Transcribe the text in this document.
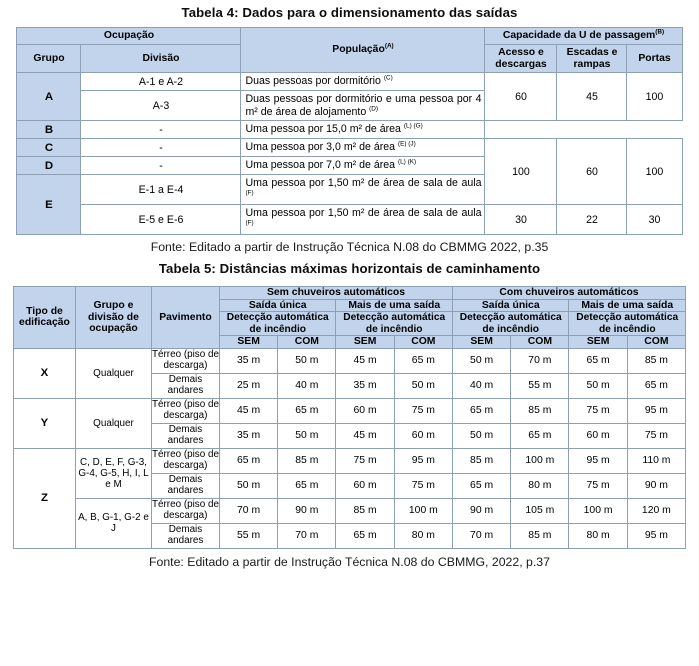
Tabela 4: Dados para o dimensionamento das saídas
Ocupação		População$^{(A)}$	Capacidade da U de passagem$^{(B)}$
Grupo	Divisão		Acesso e descargas	Escadas e rampas	Portas
A	A-1 e A-2	Duas pessoas por dormitório $^{(C)}$	60	45	100
	A-3	Duas pessoas por dormitório e uma pessoa por 4 m² de área de alojamento $^{(D)}$
B	-	Uma pessoa por 15,0 m² de área $^{(L) (G)}$
C	-	Uma pessoa por 3,0 m² de área $^{(E) (J)}$	100	60	100
D	-	Uma pessoa por 7,0 m² de área $^{(L) (K)}$
E	E-1 a E-4	Uma pessoa por 1,50 m² de área de sala de aula $^{(F)}$
	E-5 e E-6	Uma pessoa por 1,50 m² de área de sala de aula $^{(F)}$	30	22	30
Fonte: Editado a partir de Instrução Técnica N.08 do CBMMG 2022, p.35
Tabela 5: Distâncias máximas horizontais de caminhamento
Tipo de edificação	Grupo e divisão de ocupação	Pavimento	Sem chuveiros automáticos				Com chuveiros automáticos			
			Saída única		Mais de uma saída		Saída única		Mais de uma saída	
			Detecção automática de incêndio		Detecção automática de incêndio		Detecção automática de incêndio		Detecção automática de incêndio	
			SEM	COM	SEM	COM	SEM	COM	SEM	COM
X	Qualquer	Térreo (piso de descarga)	35 m	50 m	45 m	65 m	50 m	70 m	65 m	85 m
		Demais andares	25 m	40 m	35 m	50 m	40 m	55 m	50 m	65 m
Y	Qualquer	Térreo (piso de descarga)	45 m	65 m	60 m	75 m	65 m	85 m	75 m	95 m
		Demais andares	35 m	50 m	45 m	60 m	50 m	65 m	60 m	75 m
Z	C, D, E, F, G-3, G-4, G-5, H, I, L e M	Térreo (piso de descarga)	65 m	85 m	75 m	95 m	85 m	100 m	95 m	110 m
		Demais andares	50 m	65 m	60 m	75 m	65 m	80 m	75 m	90 m
	A, B, G-1, G-2 e J	Térreo (piso de descarga)	70 m	90 m	85 m	100 m	90 m	105 m	100 m	120 m
		Demais andares	55 m	70 m	65 m	80 m	70 m	85 m	80 m	95 m
Fonte: Editado a partir de Instrução Técnica N.08 do CBMMG, 2022, p.37
